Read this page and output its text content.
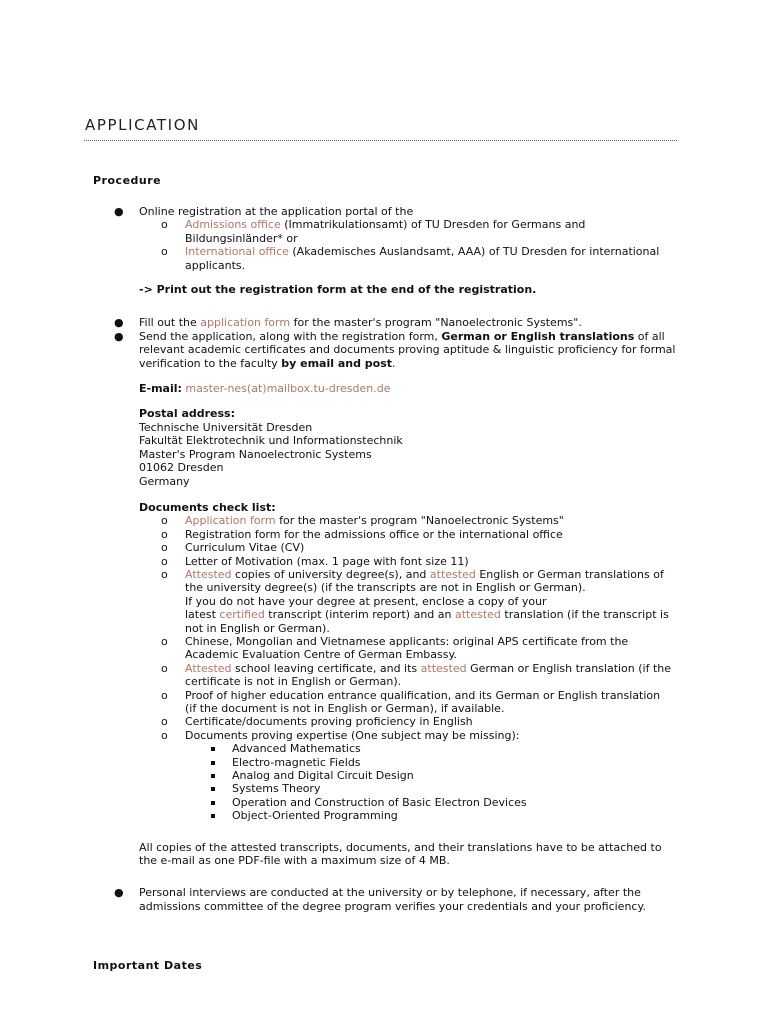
APPLICATION
Procedure
● Online registration at the application portal of the
o Admissions office (Immatrikulationsamt) of TU Dresden for Germans and
Bildungsinländer* or
o International office (Akademisches Auslandsamt, AAA) of TU Dresden for international
applicants.
-> Print out the registration form at the end of the registration.
● Fill out the application form for the master's program "Nanoelectronic Systems".
● Send the application, along with the registration form, German or English translations of all
relevant academic certificates and documents proving aptitude & linguistic proficiency for formal
verification to the faculty by email and post.
E-mail: master-nes(at)mailbox.tu-dresden.de
Postal address:
Technische Universität Dresden
Fakultät Elektrotechnik und Informationstechnik
Master's Program Nanoelectronic Systems
01062 Dresden
Germany
Documents check list:
o Application form for the master's program "Nanoelectronic Systems"
o Registration form for the admissions office or the international office
o Curriculum Vitae (CV)
o Letter of Motivation (max. 1 page with font size 11)
o Attested copies of university degree(s), and attested English or German translations of
the university degree(s) (if the transcripts are not in English or German).
If you do not have your degree at present, enclose a copy of your
latest certified transcript (interim report) and an attested translation (if the transcript is
not in English or German).
o Chinese, Mongolian and Vietnamese applicants: original APS certificate from the
Academic Evaluation Centre of German Embassy.
o Attested school leaving certificate, and its attested German or English translation (if the
certificate is not in English or German).
o Proof of higher education entrance qualification, and its German or English translation
(if the document is not in English or German), if available.
o Certificate/documents proving proficiency in English
o Documents proving expertise (One subject may be missing):
Advanced Mathematics
Electro-magnetic Fields
Analog and Digital Circuit Design
Systems Theory
Operation and Construction of Basic Electron Devices
Object-Oriented Programming
All copies of the attested transcripts, documents, and their translations have to be attached to
the e-mail as one PDF-file with a maximum size of 4 MB.
● Personal interviews are conducted at the university or by telephone, if necessary, after the
admissions committee of the degree program verifies your credentials and your proficiency.
Important Dates
